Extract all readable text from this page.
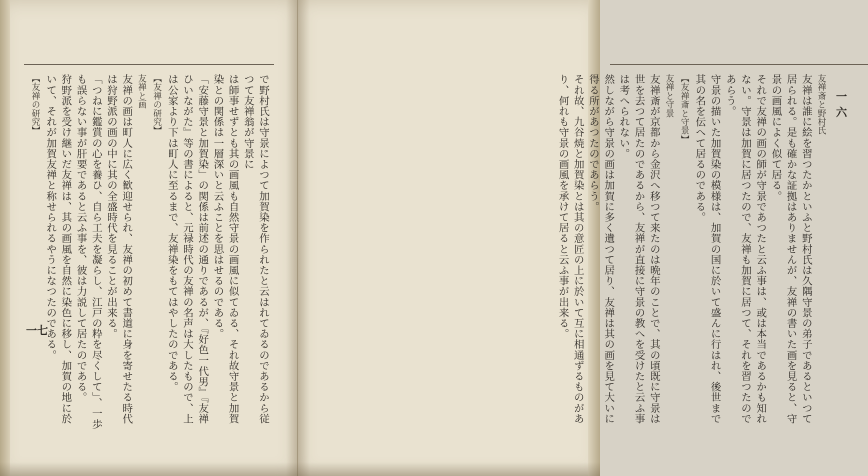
一七	で野村氏は守景によつて加賀染を作られたと云はれてゐるのであるから従つて友禅翁が守景に
は師事せずとも其の画風も自然守景の画風に似てゐる、それ故守景と加賀染との関係は一層深いと云ふことを思はせるのである。
「安藤守景と加賀染」の関係は前述の通りであるが、『好色一代男』『友禅ひいながた』等の書によると、元禄時代の友禅の名声は大したもので、上は公家より下は町人に至るまで、友禅染をもてはやしたのである。
【友禅の研究】
友禅と画
友禅の画は町人に広く歓迎せられ、友禅の初めて書道に身を寄せたる時代は狩野派の画の中に其の全盛時代を見ることが出来る。
「つねに鑑賞の心を養ひ、自ら工夫を凝らし、江戸の粋を尽くして」、一歩も誤らない事が肝要であると云ふ事を、彼は力説して居たのである。
狩野派を受け継いだ友禅は、其の画風を自然に染色に移し、加賀の地に於いて、それが加賀友禅と称せられるやうになつたのである。
【友禅の研究】	一六
友禅斎と野村氏
友禅は誰に絵を習つたかといふと野村氏は久隅守景の弟子であるといつて居られる。是も確かな証拠はありませんが、友禅の書いた画を見ると、守景の画風によく似て居る。
それで友禅の画の師が守景であつたと云ふ事は、或は本当であるかも知れない。守景は加賀に居つたので、友禅も加賀に居つて、それを習つたのであらう。
守景の描いた加賀染の模様は、加賀の国に於いて盛んに行はれ、後世まで其の名を伝へて居るのである。
【友禅斎と守景】
友禅と守景
友禅斎が京都から金沢へ移つて来たのは晩年のことで、其の頃既に守景は世を去つて居たのであるから、友禅が直接に守景の教へを受けたと云ふ事は考へられない。
然しながら守景の画は加賀に多く遺つて居り、友禅は其の画を見て大いに得る所があつたのであらう。
それ故、九谷焼と加賀染とは其の意匠の上に於いて互に相通ずるものがあり、何れも守景の画風を承けて居ると云ふ事が出来る。
